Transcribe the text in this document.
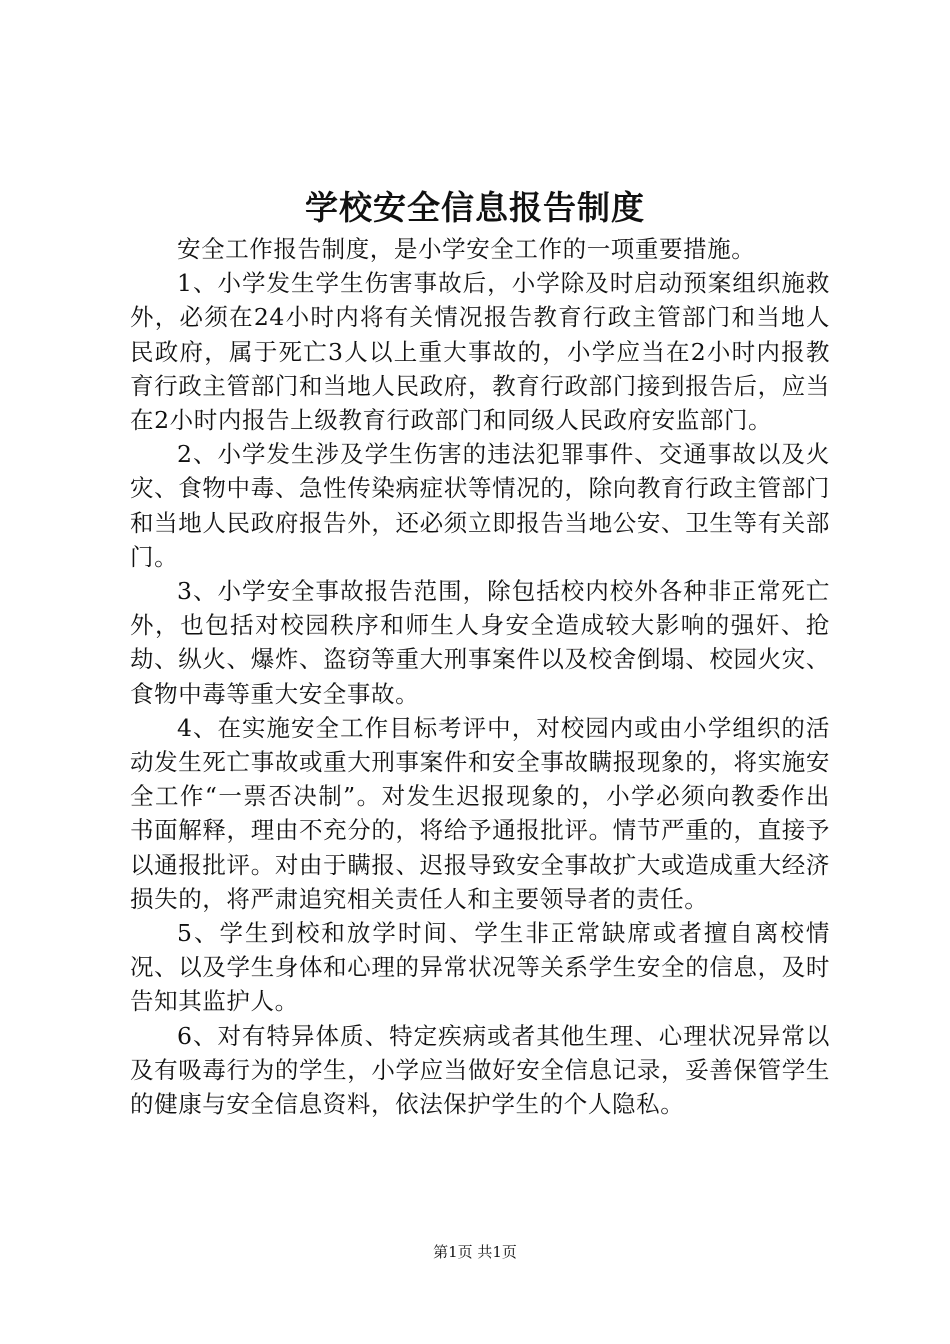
学校安全信息报告制度

安全工作报告制度，是小学安全工作的一项重要措施。

1、小学发生学生伤害事故后，小学除及时启动预案组织施救外，必须在24小时内将有关情况报告教育行政主管部门和当地人民政府，属于死亡3人以上重大事故的，小学应当在2小时内报教育行政主管部门和当地人民政府，教育行政部门接到报告后，应当在2小时内报告上级教育行政部门和同级人民政府安监部门。

2、小学发生涉及学生伤害的违法犯罪事件、交通事故以及火灾、食物中毒、急性传染病症状等情况的，除向教育行政主管部门和当地人民政府报告外，还必须立即报告当地公安、卫生等有关部门。

3、小学安全事故报告范围，除包括校内校外各种非正常死亡外，也包括对校园秩序和师生人身安全造成较大影响的强奸、抢劫、纵火、爆炸、盗窃等重大刑事案件以及校舍倒塌、校园火灾、食物中毒等重大安全事故。

4、在实施安全工作目标考评中，对校园内或由小学组织的活动发生死亡事故或重大刑事案件和安全事故瞒报现象的，将实施安全工作“一票否决制”。对发生迟报现象的，小学必须向教委作出书面解释，理由不充分的，将给予通报批评。情节严重的，直接予以通报批评。对由于瞒报、迟报导致安全事故扩大或造成重大经济损失的，将严肃追究相关责任人和主要领导者的责任。

5、学生到校和放学时间、学生非正常缺席或者擅自离校情况、以及学生身体和心理的异常状况等关系学生安全的信息，及时告知其监护人。

6、对有特异体质、特定疾病或者其他生理、心理状况异常以及有吸毒行为的学生，小学应当做好安全信息记录，妥善保管学生的健康与安全信息资料，依法保护学生的个人隐私。

第1页 共1页
